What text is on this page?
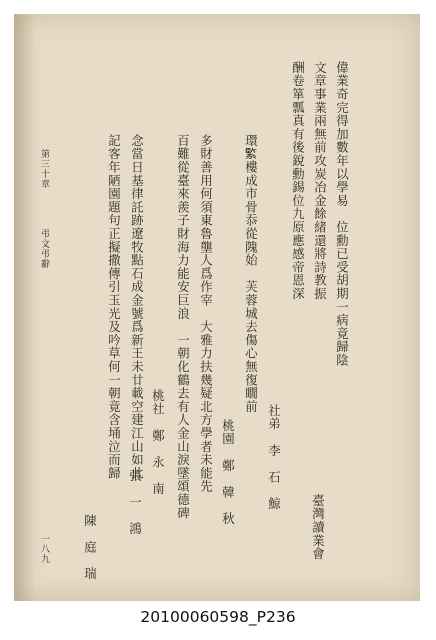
偉業奇完得加數年以學易　位勳已受胡期一病竟歸陰
文章事業兩無前攻炭冶金餘緒還將詩教振
臺灣讀業會
酬卷箪瓢真有後銳勳錫位九原應感帝恩深
社弟　李　石　鯨
環𦂳樓成市骨忝從隗始　芙蓉城去傷心無復瞯前
多財善用何須東魯壟人爲作宰　大雅力扶幾疑北方學者未能先 桃園　鄭　韓　秋
百難從臺來羨子財海力能安巨浪　一朝化鶴去有人金山淚墜頌德碑
桃社　鄭　永　南
念當日基律託跡遼牧點石成金號爲新王未廿載空建江山如此
張　一　鴻
記客年陋園題句正擬撒傳引玉光及吟草何一朝竟含埇泣而歸
陳　庭　瑞
第三十章
弔文弔辭
一八九
20100060598_P236
